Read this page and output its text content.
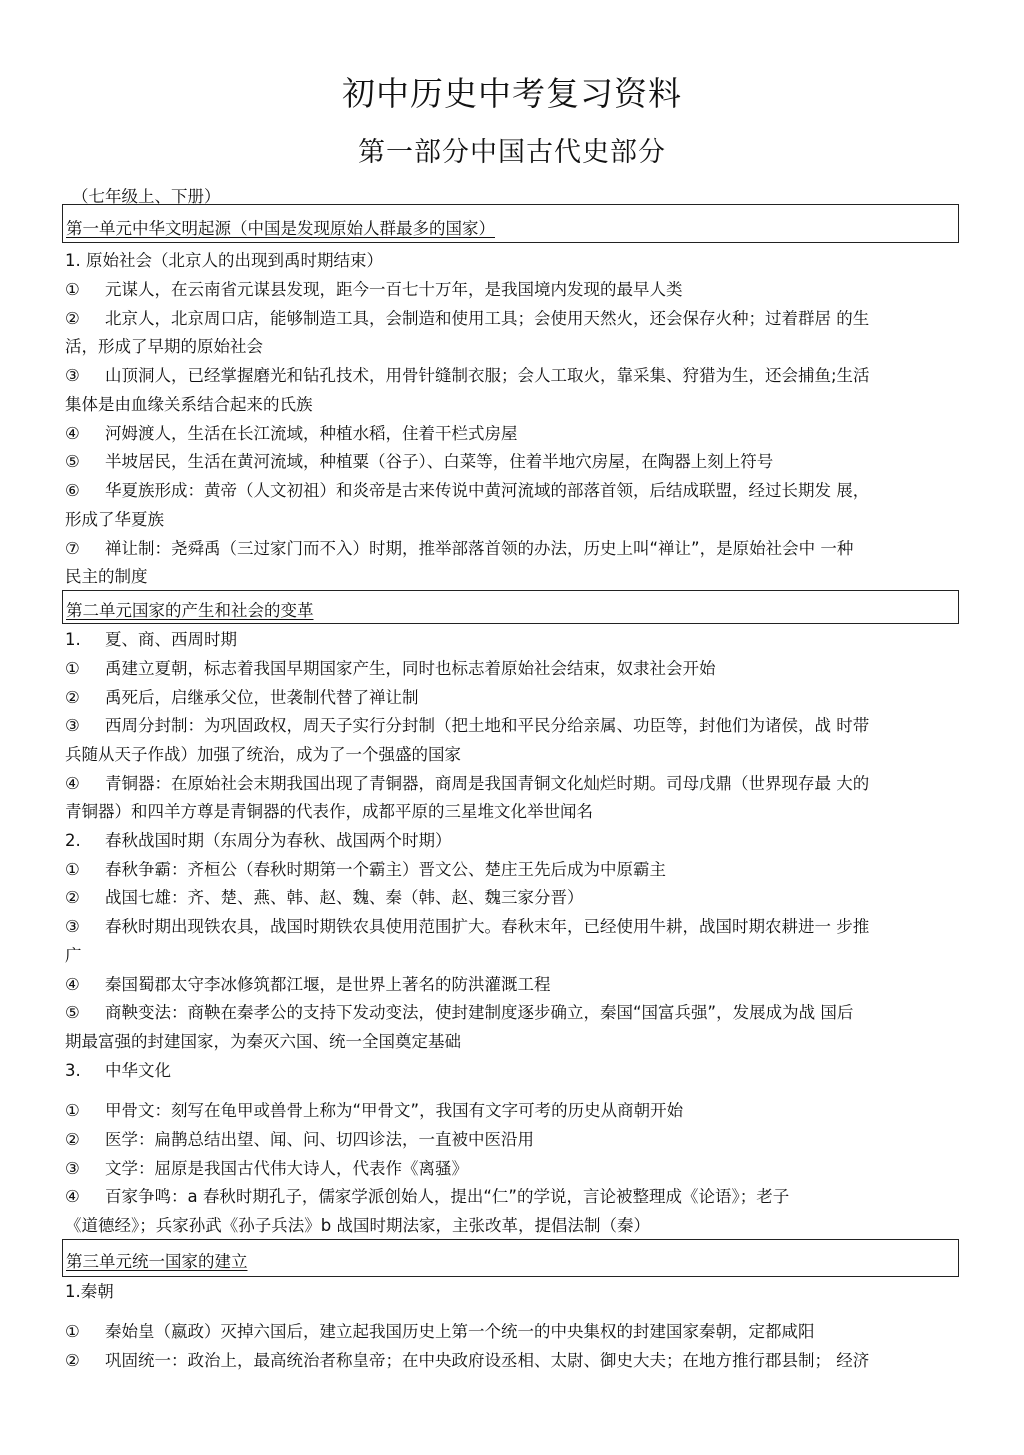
初中历史中考复习资料
第一部分中国古代史部分
（七年级上、下册）
第一单元中华文明起源（中国是发现原始人群最多的国家）
1. 原始社会（北京人的出现到禹时期结束）
① 元谋人，在云南省元谋县发现，距今一百七十万年，是我国境内发现的最早人类
② 北京人，北京周口店，能够制造工具，会制造和使用工具；会使用天然火，还会保存火种；过着群居 的生
活，形成了早期的原始社会
③ 山顶洞人，已经掌握磨光和钻孔技术，用骨针缝制衣服；会人工取火，靠采集、狩猎为生，还会捕鱼;生活
集体是由血缘关系结合起来的氏族
④ 河姆渡人，生活在长江流域，种植水稻，住着干栏式房屋
⑤ 半坡居民，生活在黄河流域，种植粟（谷子）、白菜等，住着半地穴房屋，在陶器上刻上符号
⑥ 华夏族形成：黄帝（人文初祖）和炎帝是古来传说中黄河流域的部落首领，后结成联盟，经过长期发 展，
形成了华夏族
⑦ 禅让制：尧舜禹（三过家门而不入）时期，推举部落首领的办法，历史上叫“禅让”，是原始社会中 一种
民主的制度
第二单元国家的产生和社会的变革
1. 夏、商、西周时期
① 禹建立夏朝，标志着我国早期国家产生，同时也标志着原始社会结束，奴隶社会开始
② 禹死后，启继承父位，世袭制代替了禅让制
③ 西周分封制：为巩固政权，周天子实行分封制（把土地和平民分给亲属、功臣等，封他们为诸侯，战 时带
兵随从天子作战）加强了统治，成为了一个强盛的国家
④ 青铜器：在原始社会末期我国出现了青铜器，商周是我国青铜文化灿烂时期。司母戊鼎（世界现存最 大的
青铜器）和四羊方尊是青铜器的代表作，成都平原的三星堆文化举世闻名
2. 春秋战国时期（东周分为春秋、战国两个时期）
① 春秋争霸：齐桓公（春秋时期第一个霸主）晋文公、楚庄王先后成为中原霸主
② 战国七雄：齐、楚、燕、韩、赵、魏、秦（韩、赵、魏三家分晋）
③ 春秋时期出现铁农具，战国时期铁农具使用范围扩大。春秋末年，已经使用牛耕，战国时期农耕进一 步推
广
④ 秦国蜀郡太守李冰修筑都江堰，是世界上著名的防洪灌溉工程
⑤ 商鞅变法：商鞅在秦孝公的支持下发动变法，使封建制度逐步确立，秦国“国富兵强”，发展成为战 国后
期最富强的封建国家，为秦灭六国、统一全国奠定基础
3. 中华文化
① 甲骨文：刻写在龟甲或兽骨上称为“甲骨文”，我国有文字可考的历史从商朝开始
② 医学：扁鹊总结出望、闻、问、切四诊法，一直被中医沿用
③ 文学：屈原是我国古代伟大诗人，代表作《离骚》
④ 百家争鸣：a 春秋时期孔子，儒家学派创始人，提出“仁”的学说，言论被整理成《论语》；老子
《道德经》；兵家孙武《孙子兵法》b 战国时期法家，主张改革，提倡法制（秦）
第三单元统一国家的建立
1.秦朝
① 秦始皇（嬴政）灭掉六国后，建立起我国历史上第一个统一的中央集权的封建国家秦朝，定都咸阳
② 巩固统一：政治上，最高统治者称皇帝；在中央政府设丞相、太尉、御史大夫；在地方推行郡县制； 经济
